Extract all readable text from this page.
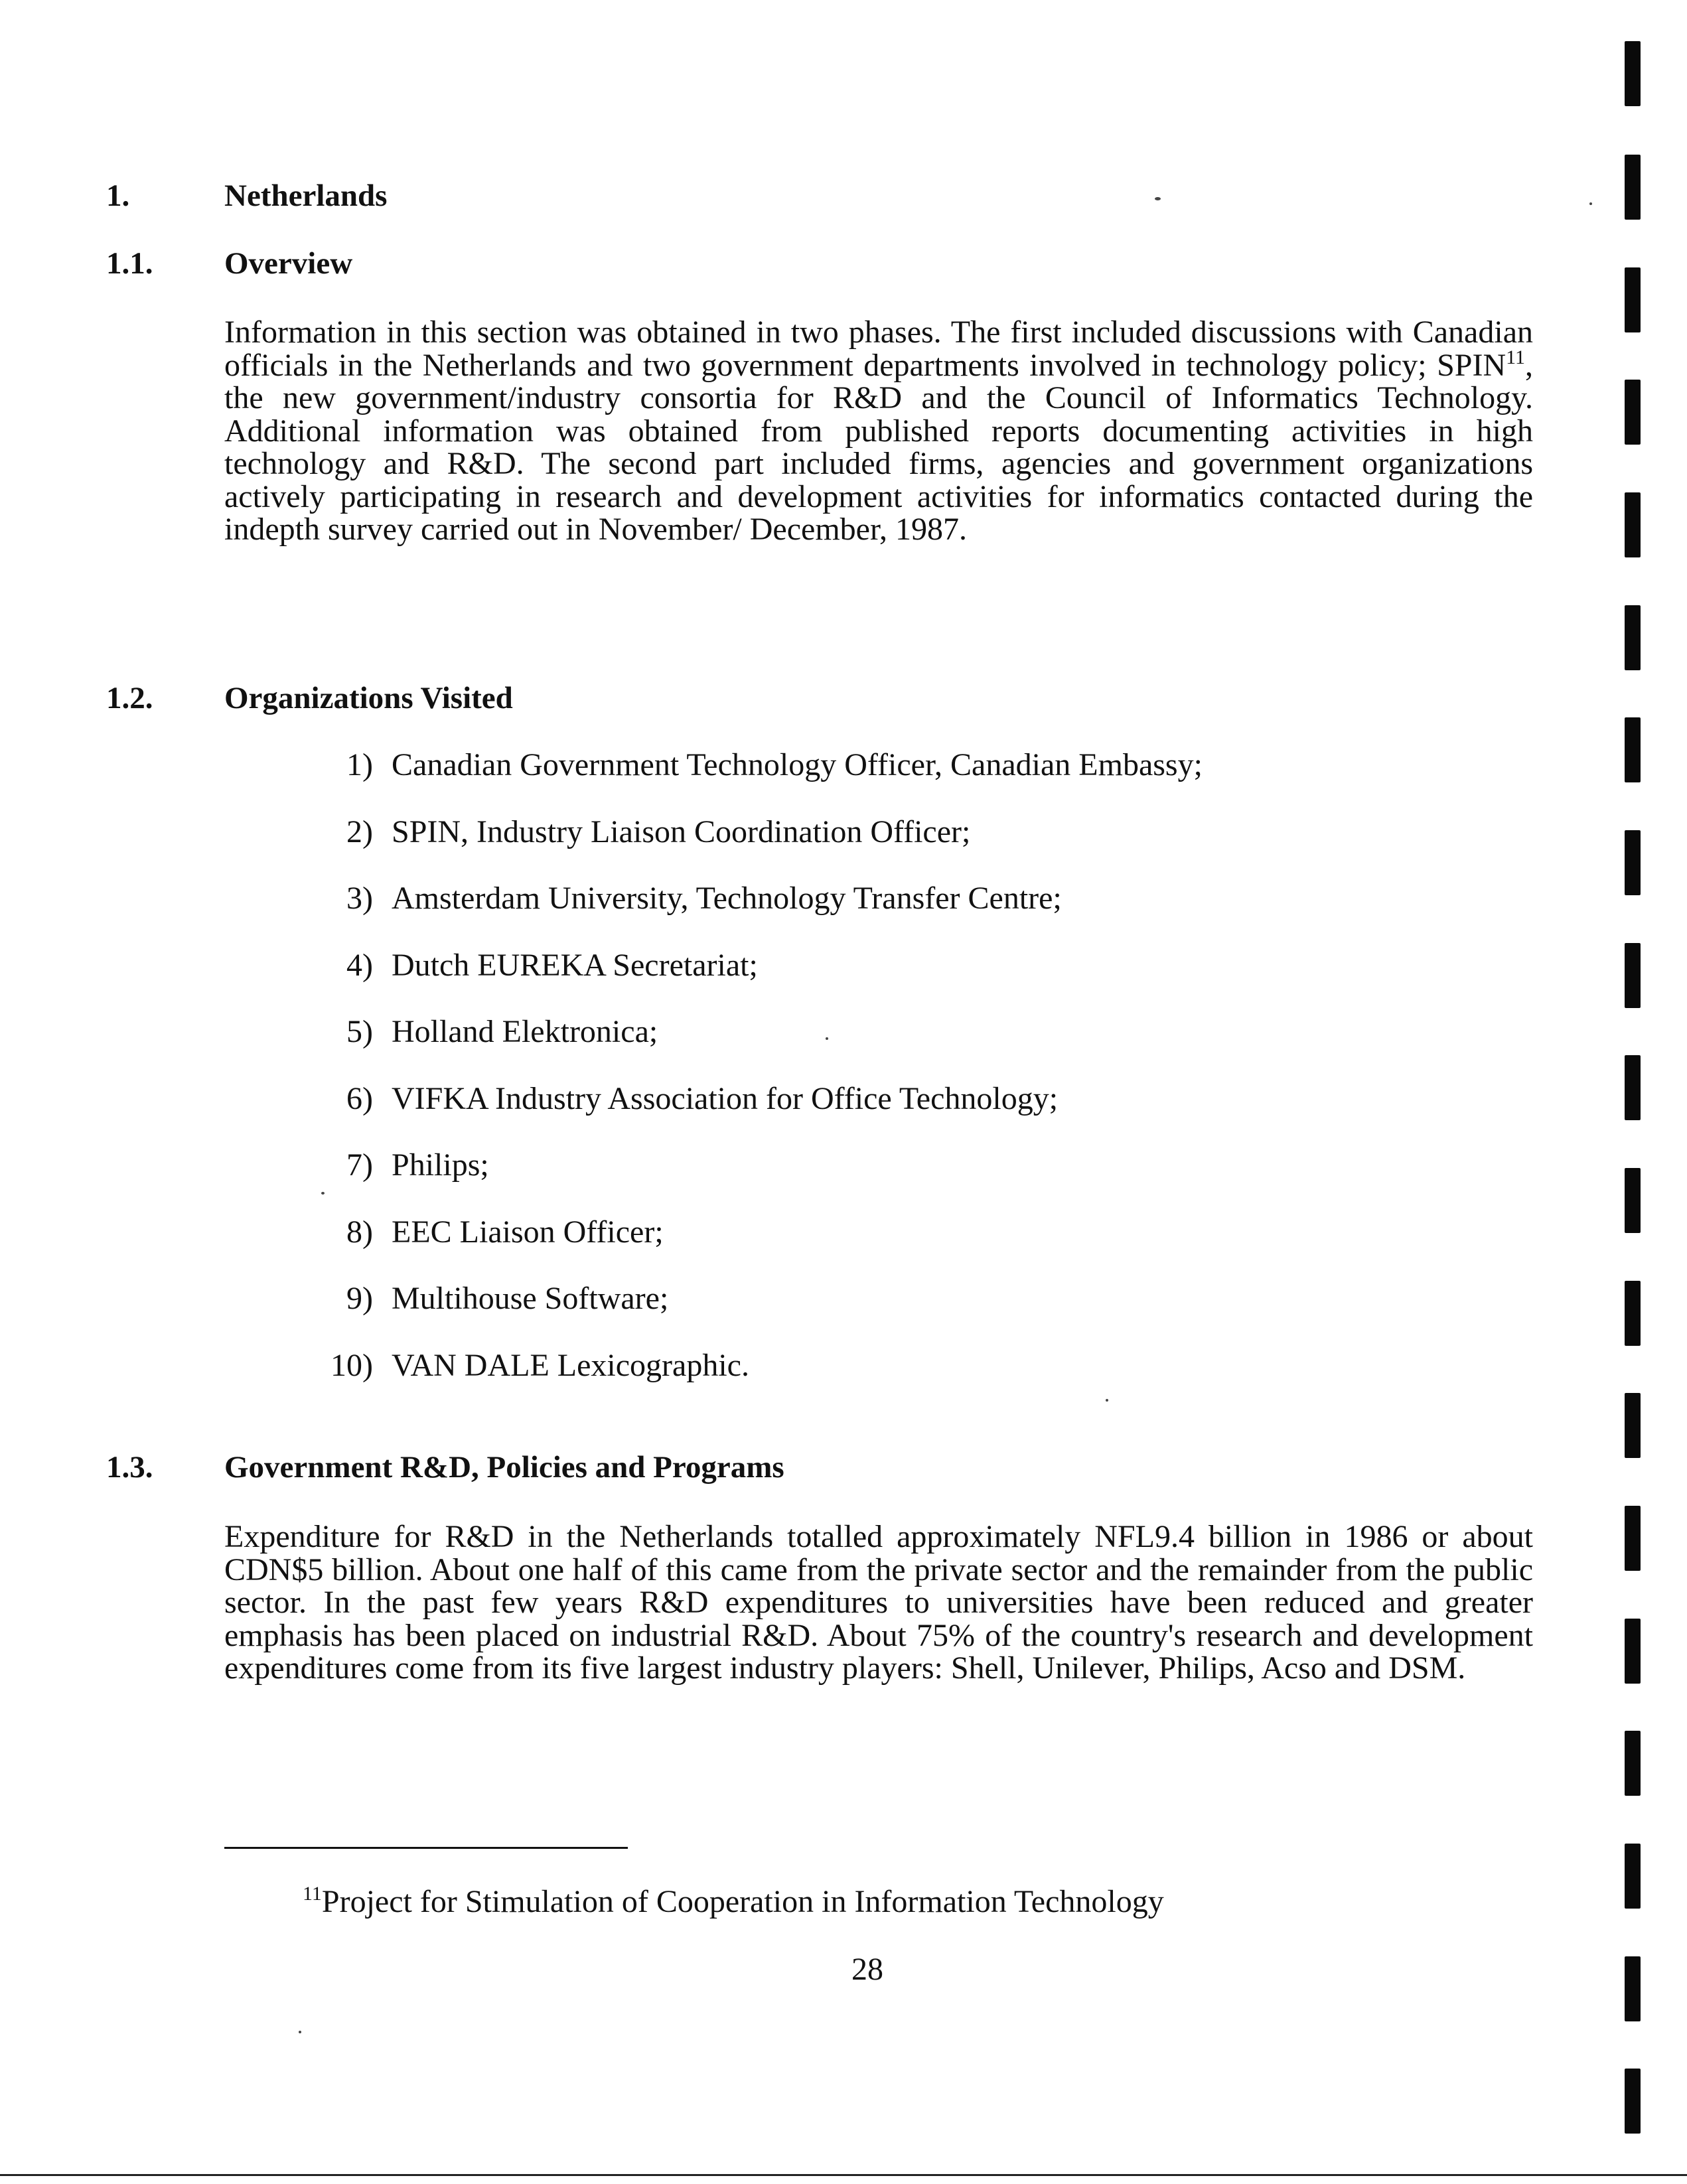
1.	Netherlands
1.1. Overview

Information in this section was obtained in two phases. The first included discussions with Canadian officials in the Netherlands and two government departments involved in technology policy; SPIN$^{11}$, the new government/industry consortia for R&D and the Council of Informatics Technology. Additional information was obtained from published reports documenting activities in high technology and R&D. The second part included firms, agencies and government organizations actively participating in research and development activities for informatics contacted during the indepth survey carried out in November/ December, 1987.

1.2. Organizations Visited
1) Canadian Government Technology Officer, Canadian Embassy;
2) SPIN, Industry Liaison Coordination Officer;
3) Amsterdam University, Technology Transfer Centre;
4) Dutch EUREKA Secretariat;
5) Holland Elektronica;
6) VIFKA Industry Association for Office Technology;
7) Philips;
8) EEC Liaison Officer;
9) Multihouse Software;
10) VAN DALE Lexicographic.
1.3. Government R&D, Policies and Programs

Expenditure for R&D in the Netherlands totalled approximately NFL9.4 billion in 1986 or about CDN$5 billion. About one half of this came from the private sector and the remainder from the public sector. In the past few years R&D expenditures to universities have been reduced and greater emphasis has been placed on industrial R&D. About 75% of the country's research and development expenditures come from its five largest industry players: Shell, Unilever, Philips, Acso and DSM.

$^{11}$Project for Stimulation of Cooperation in Information Technology
28
